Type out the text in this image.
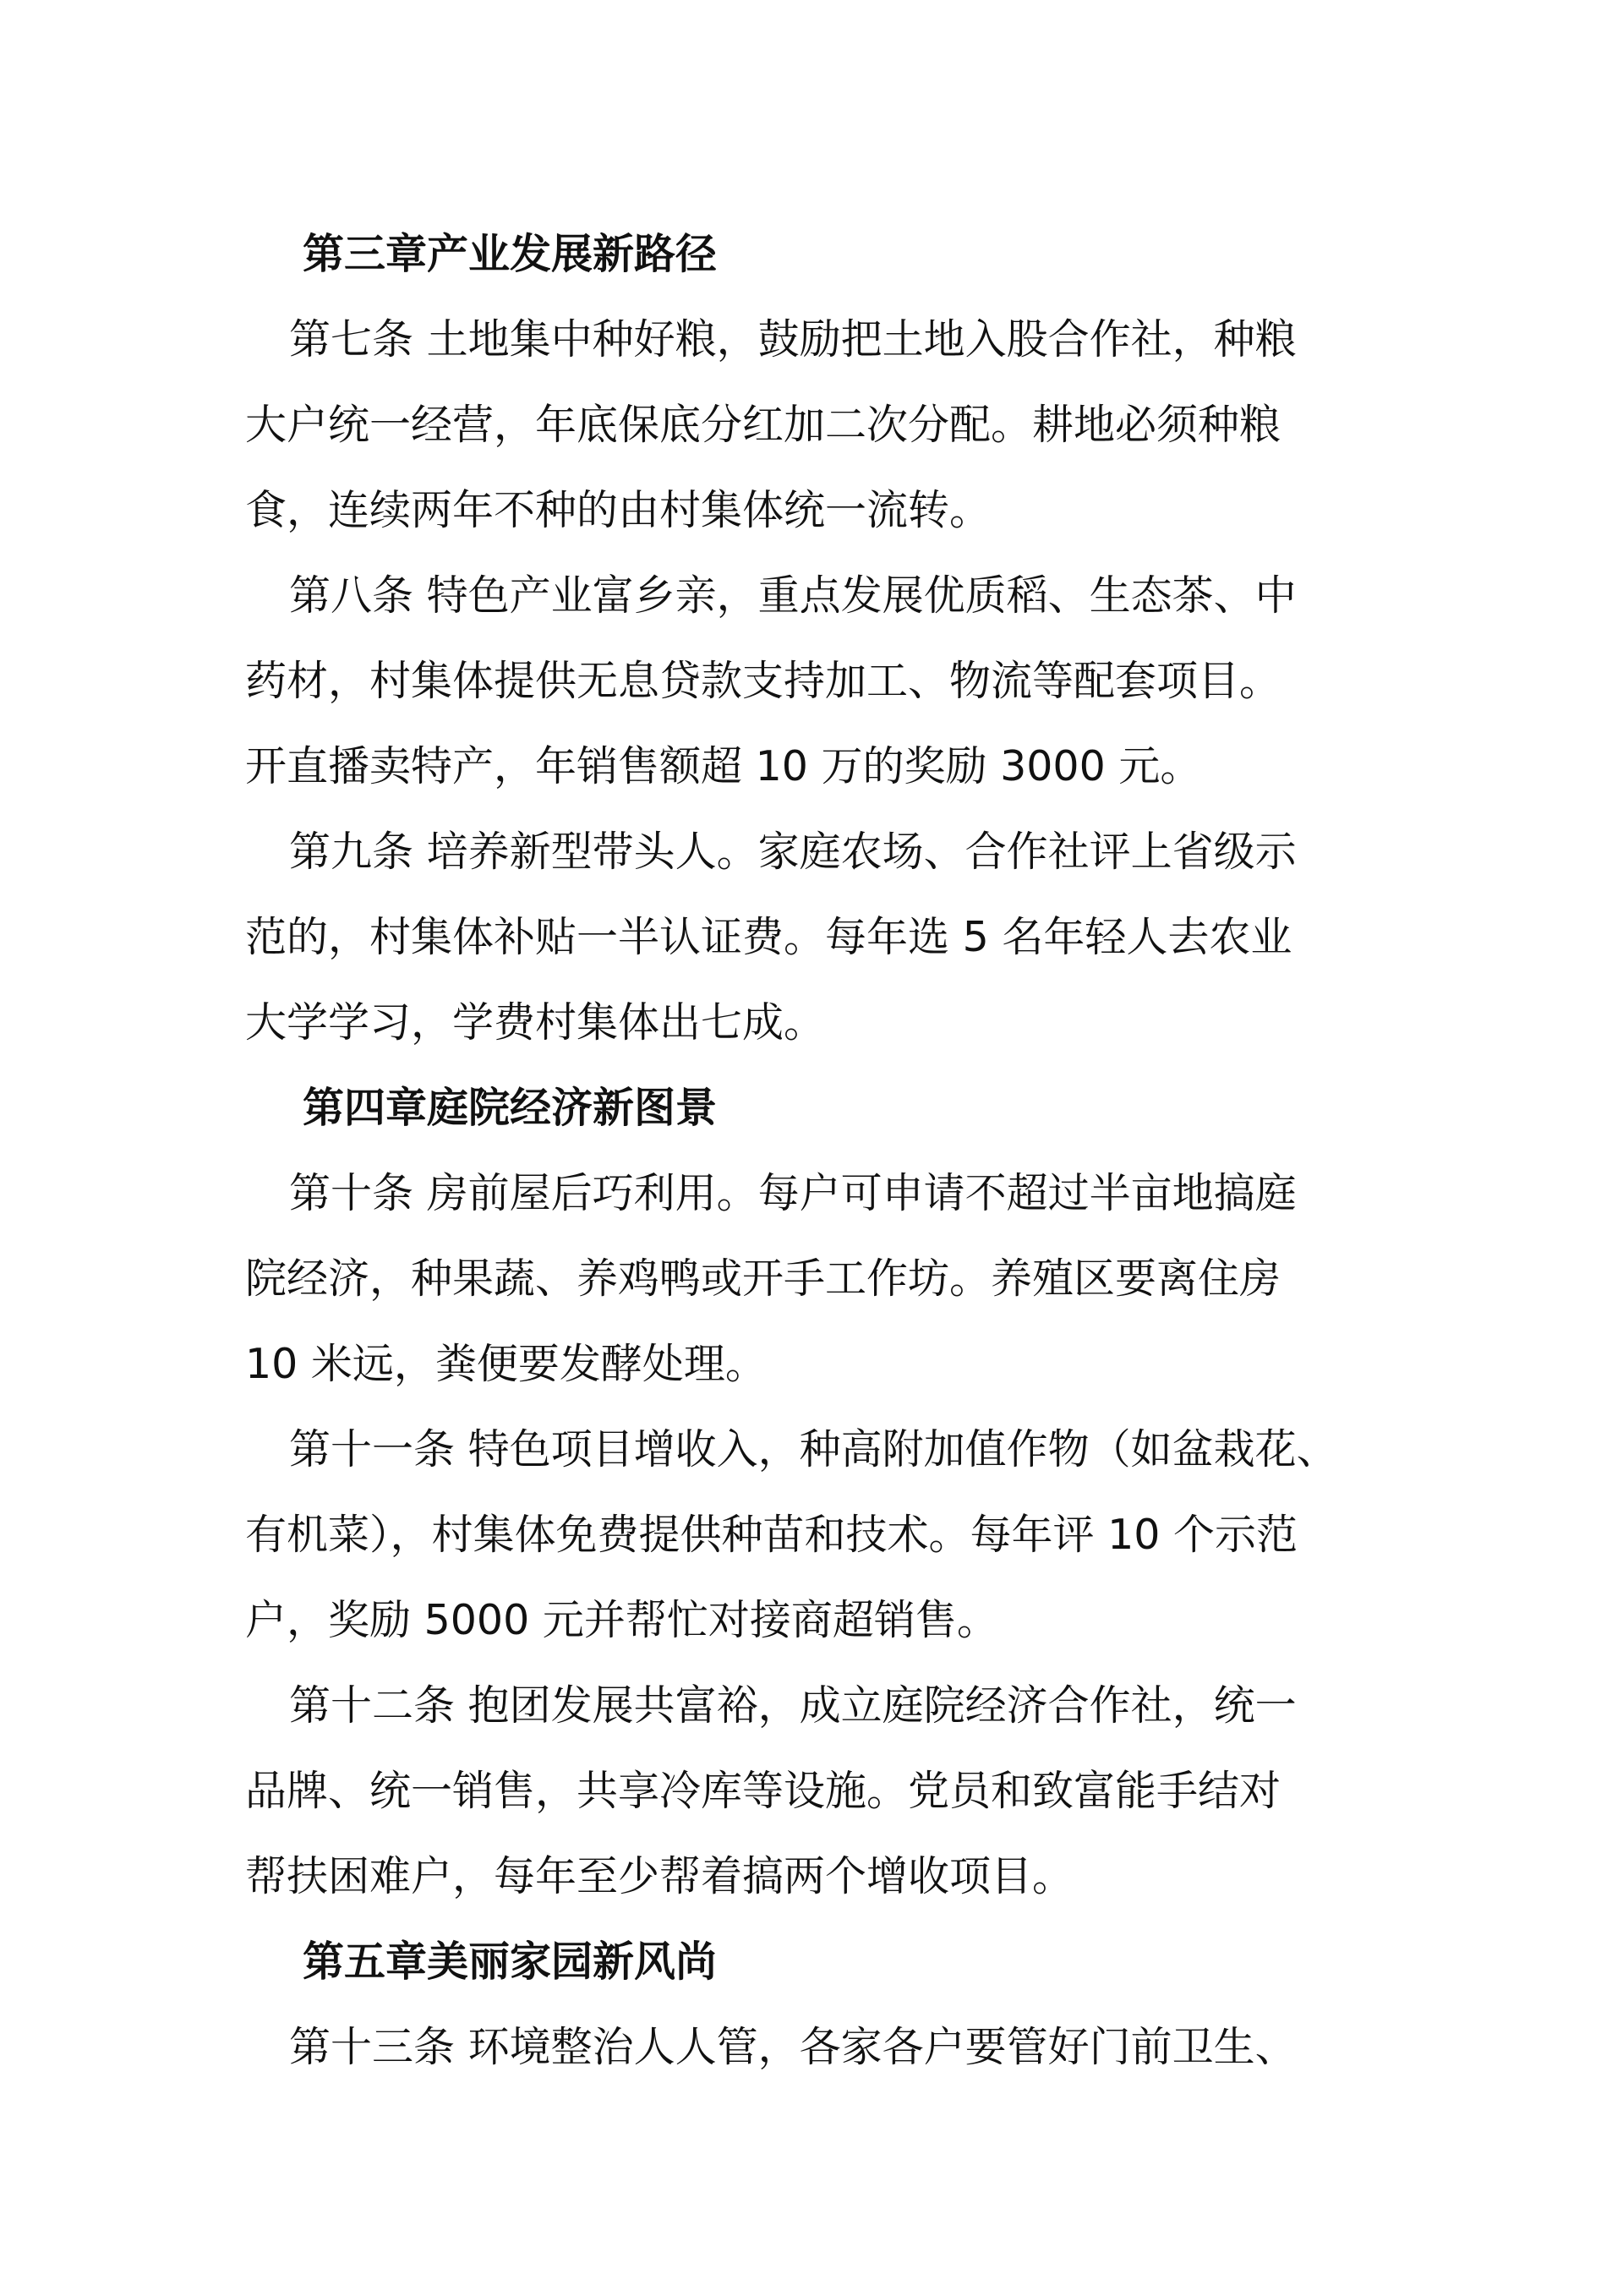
第三章产业发展新路径

第七条 土地集中种好粮，鼓励把土地入股合作社，种粮
大户统一经营，年底保底分红加二次分配。耕地必须种粮
食，连续两年不种的由村集体统一流转。

第八条 特色产业富乡亲，重点发展优质稻、生态茶、中
药材，村集体提供无息贷款支持加工、物流等配套项目。
开直播卖特产，年销售额超 10 万的奖励 3000 元。

第九条 培养新型带头人。家庭农场、合作社评上省级示
范的，村集体补贴一半认证费。每年选 5 名年轻人去农业
大学学习，学费村集体出七成。

第四章庭院经济新图景

第十条 房前屋后巧利用。每户可申请不超过半亩地搞庭
院经济，种果蔬、养鸡鸭或开手工作坊。养殖区要离住房
10 米远，粪便要发酵处理。

第十一条 特色项目增收入，种高附加值作物（如盆栽花、
有机菜），村集体免费提供种苗和技术。每年评 10 个示范
户，奖励 5000 元并帮忙对接商超销售。

第十二条 抱团发展共富裕，成立庭院经济合作社，统一
品牌、统一销售，共享冷库等设施。党员和致富能手结对
帮扶困难户，每年至少帮着搞两个增收项目。

第五章美丽家园新风尚

第十三条 环境整治人人管，各家各户要管好门前卫生、
